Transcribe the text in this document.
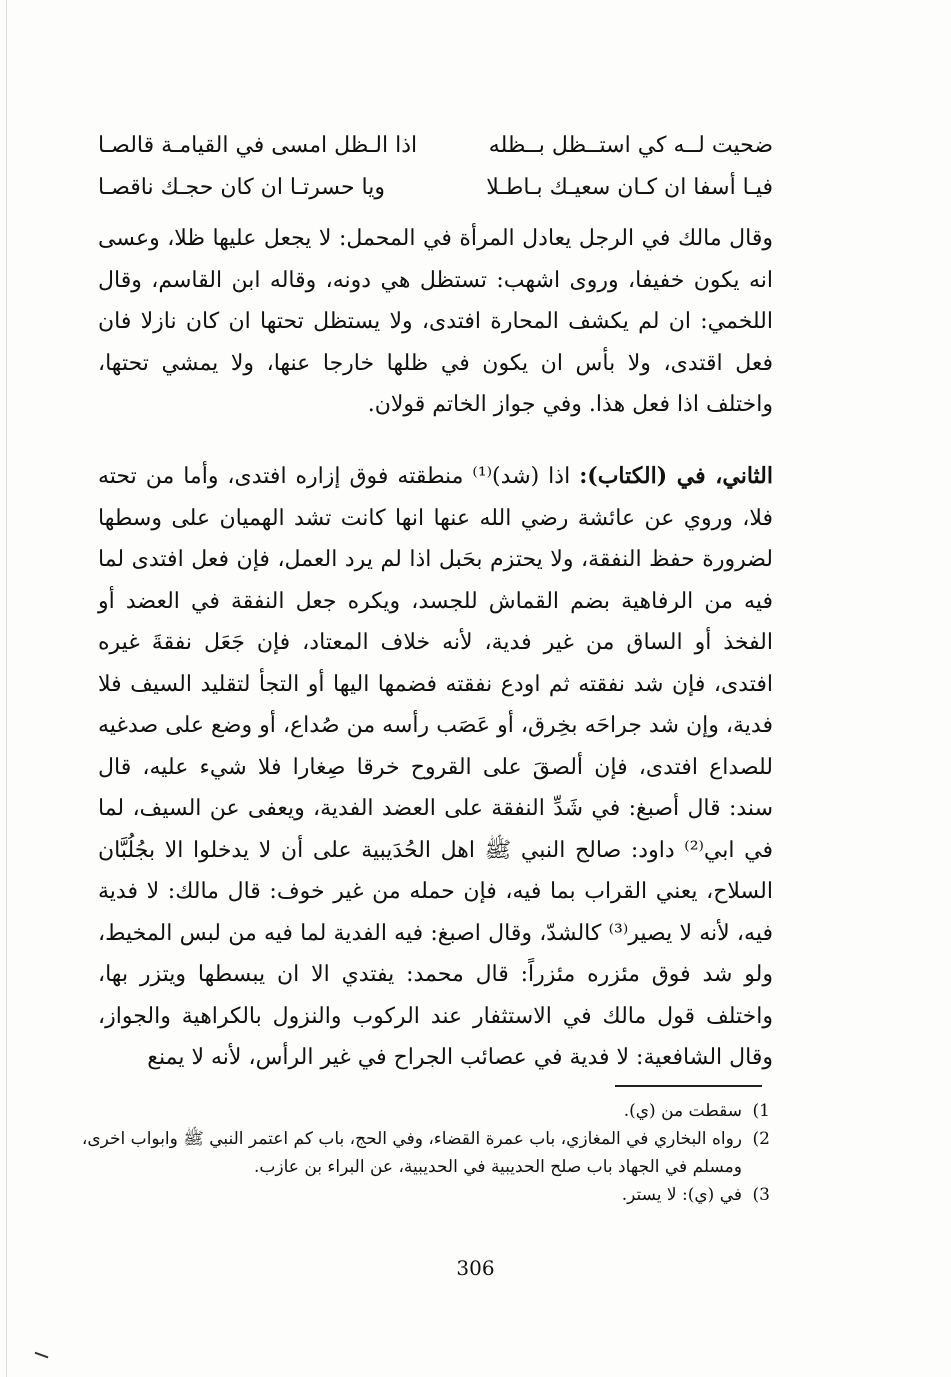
ضحيت لــه كي استــظل بــظله
اذا الـظل امسى في القيامـة قالصـا
فيـا أسفا ان كـان سعيـك بـاطـلا
ويا حسرتـا ان كان حجـك ناقصـا

وقال مالك في الرجل يعادل المرأة في المحمل: لا يجعل عليها ظلا، وعسى انه يكون خفيفا، وروى اشهب: تستظل هي دونه، وقاله ابن القاسم، وقال اللخمي: ان لم يكشف المحارة افتدى، ولا يستظل تحتها ان كان نازلا فان فعل اقتدى، ولا بأس ان يكون في ظلها خارجا عنها، ولا يمشي تحتها، واختلف اذا فعل هذا. وفي جواز الخاتم قولان.

الثاني، في (الكتاب): اذا (شد)⁽¹⁾ منطقته فوق إزاره افتدى، وأما من تحته فلا، وروي عن عائشة رضي الله عنها انها كانت تشد الهميان على وسطها لضرورة حفظ النفقة، ولا يحتزم بحَبل اذا لم يرد العمل، فإن فعل افتدى لما فيه من الرفاهية بضم القماش للجسد، ويكره جعل النفقة في العضد أو الفخذ أو الساق من غير فدية، لأنه خلاف المعتاد، فإن جَعَل نفقةَ غيره افتدى، فإن شد نفقته ثم اودع نفقته فضمها اليها أو التجأ لتقليد السيف فلا فدية، وإن شد جراحَه بخِرق، أو عَصَب رأسه من صُداع، أو وضع على صدغيه للصداع افتدى، فإن ألصقَ على القروح خرقا صِغارا فلا شيء عليه، قال سند: قال أصبغ: في شَدِّ النفقة على العضد الفدية، ويعفى عن السيف، لما في ابي⁽²⁾ داود: صالح النبي ﷺ اهل الحُدَيبية على أن لا يدخلوا الا بجُلُبَّان السلاح، يعني القراب بما فيه، فإن حمله من غير خوف: قال مالك: لا فدية فيه، لأنه لا يصير⁽³⁾ كالشدّ، وقال اصبغ: فيه الفدية لما فيه من لبس المخيط، ولو شد فوق مئزره مئزراً: قال محمد: يفتدي الا ان يبسطها ويتزر بها، واختلف قول مالك في الاستثفار عند الركوب والنزول بالكراهية والجواز، وقال الشافعية: لا فدية في عصائب الجراح في غير الرأس، لأنه لا يمنع

1)
سقطت من (ي).
2)
رواه البخاري في المغازي، باب عمرة القضاء، وفي الحج، باب كم اعتمر النبي ﷺ وابواب اخرى، ومسلم في الجهاد باب صلح الحديبية في الحديبية، عن البراء بن عازب.
3)
في (ي): لا يستر.
306
